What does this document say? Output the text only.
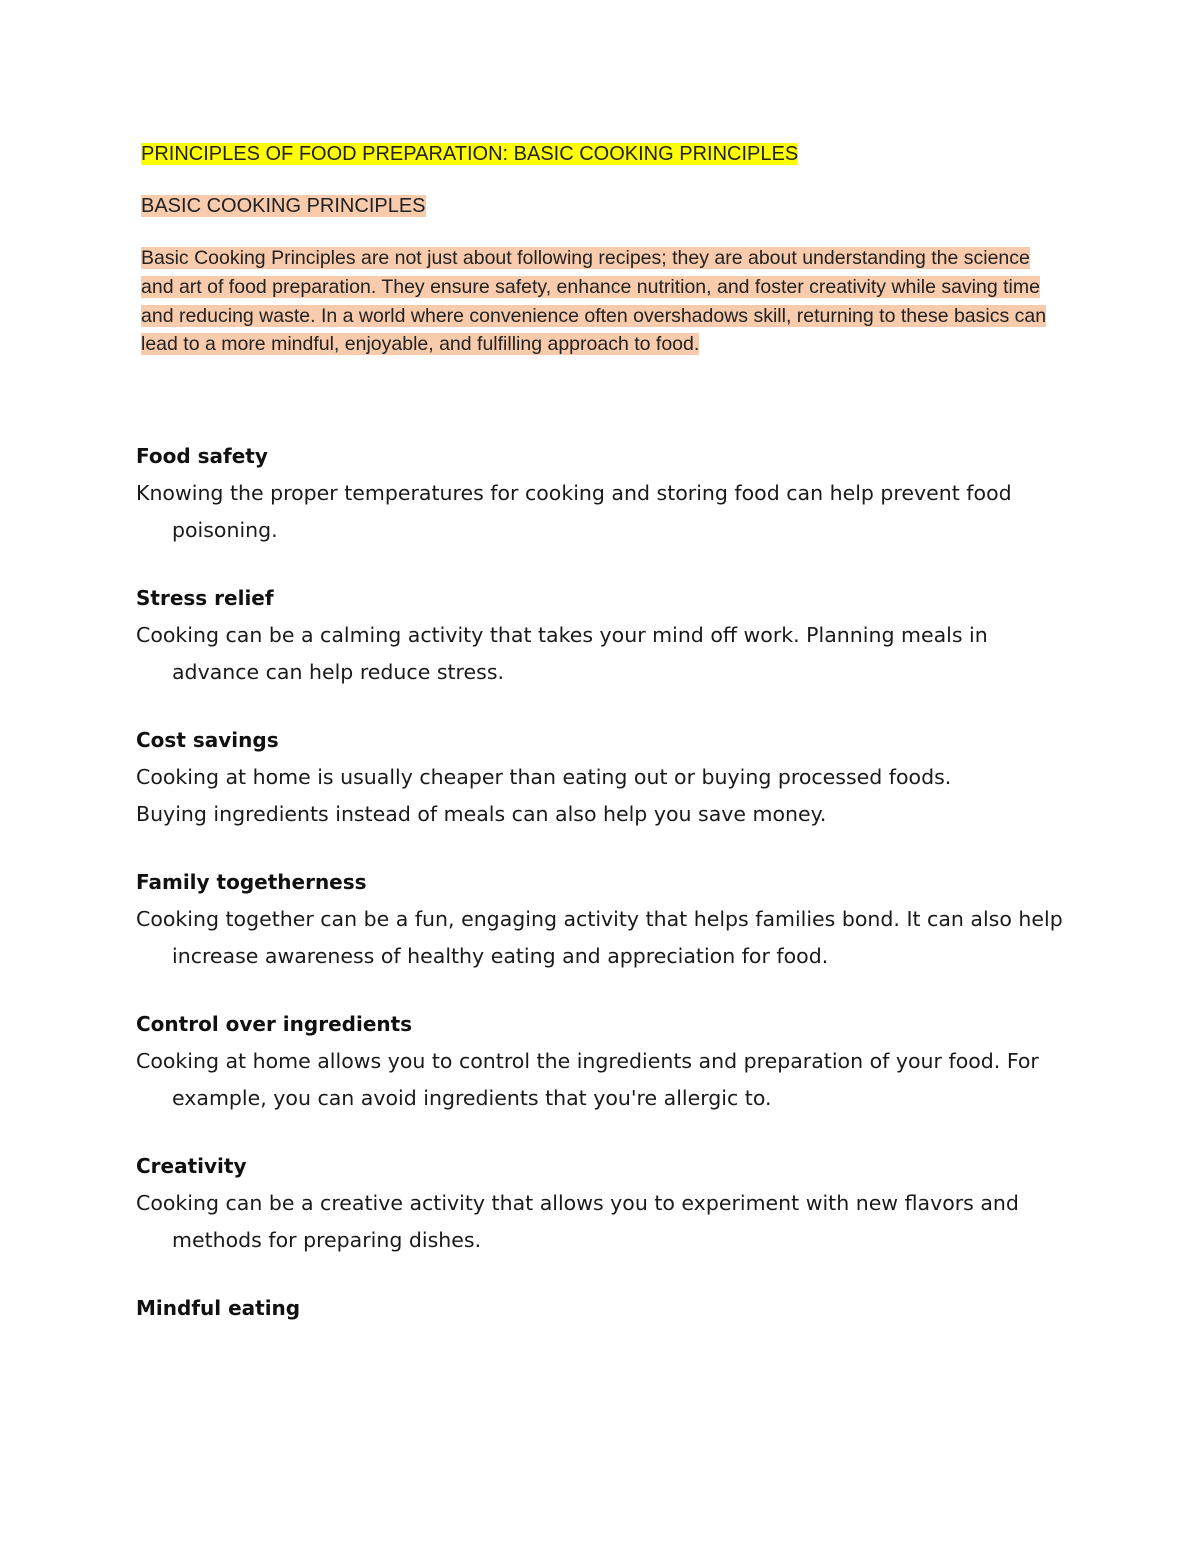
PRINCIPLES OF FOOD PREPARATION: BASIC COOKING PRINCIPLES
BASIC COOKING PRINCIPLES
Basic Cooking Principles are not just about following recipes; they are about understanding the science and art of food preparation. They ensure safety, enhance nutrition, and foster creativity while saving time and reducing waste. In a world where convenience often overshadows skill, returning to these basics can lead to a more mindful, enjoyable, and fulfilling approach to food.
Food safety

Knowing the proper temperatures for cooking and storing food can help prevent food poisoning.

Stress relief

Cooking can be a calming activity that takes your mind off work. Planning meals in advance can help reduce stress.

Cost savings

Cooking at home is usually cheaper than eating out or buying processed foods.

Buying ingredients instead of meals can also help you save money.

Family togetherness

Cooking together can be a fun, engaging activity that helps families bond. It can also help increase awareness of healthy eating and appreciation for food.

Control over ingredients

Cooking at home allows you to control the ingredients and preparation of your food. For example, you can avoid ingredients that you're allergic to.

Creativity

Cooking can be a creative activity that allows you to experiment with new flavors and methods for preparing dishes.

Mindful eating
